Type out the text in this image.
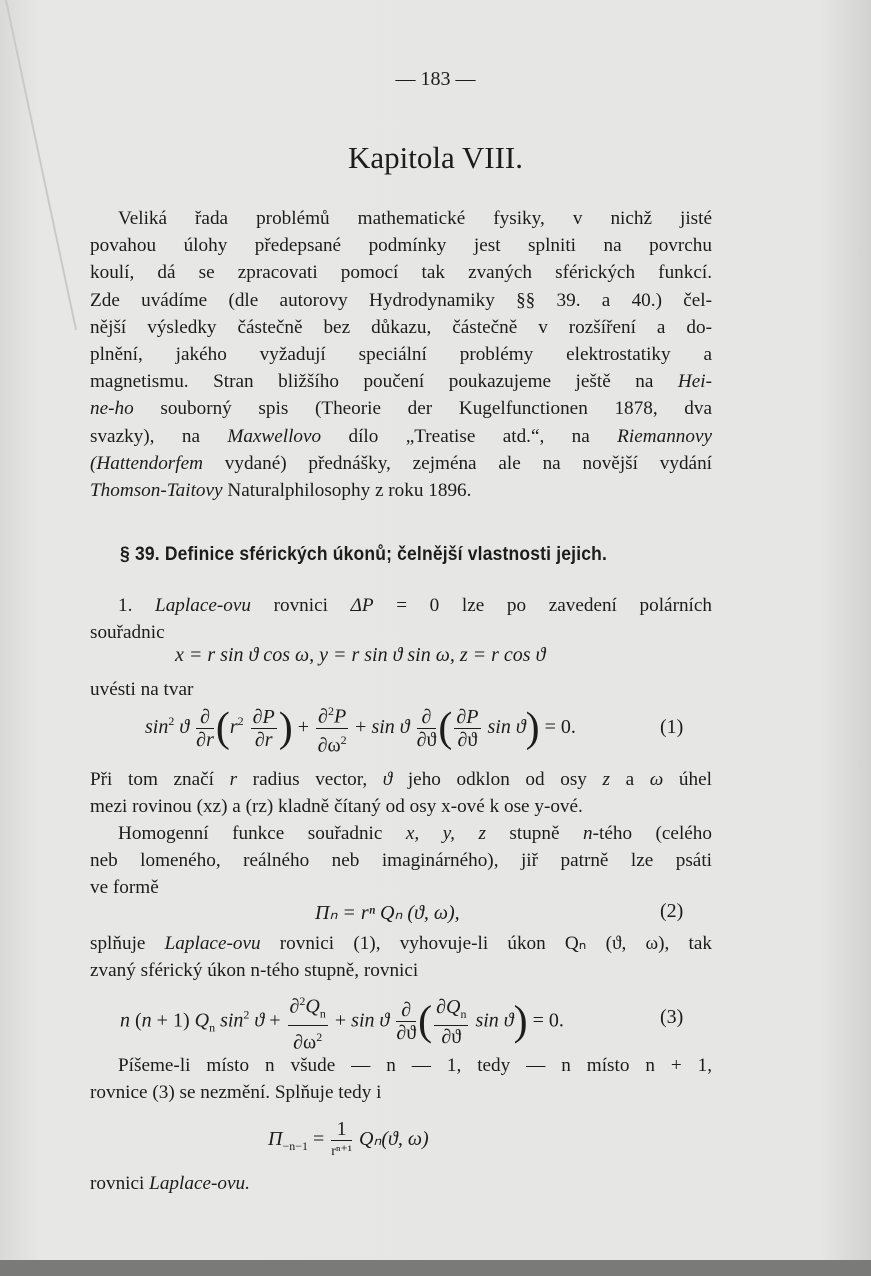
— 183 —
Kapitola VIII.
Veliká řada problémů mathematické fysiky, v nichž jisté
povahou úlohy předepsané podmínky jest splniti na povrchu
koulí, dá se zpracovati pomocí tak zvaných sférických funkcí.
Zde uvádíme (dle autorovy Hydrodynamiky §§ 39. a 40.) čel-
nější výsledky částečně bez důkazu, částečně v rozšíření a do-
plnění, jakého vyžadují speciální problémy elektrostatiky a
magnetismu. Stran bližšího poučení poukazujeme ještě na Hei-
ne-ho souborný spis (Theorie der Kugelfunctionen 1878, dva
svazky), na Maxwellovo dílo „Treatise atd.“, na Riemannovy
(Hattendorfem vydané) přednášky, zejména ale na novější vydání
Thomson-Taitovy Naturalphilosophy z roku 1896.
§ 39. Definice sférických úkonů; čelnější vlastnosti jejich.
1. Laplace-ovu rovnici ΔP = 0 lze po zavedení polárních
souřadnic
x = r sin ϑ cos ω, y = r sin ϑ sin ω, z = r cos ϑ
uvésti na tvar
$\sin^2 ϑ \frac{\partial}{\partial r} (r^2 \frac{\partial P}{\partial r}$ ) + $\frac{\partial^2P}{\partial\omega^2} + \sin ϑ \frac{\partial}{\partial ϑ}$ ( $\frac{\partial P}{\partial ϑ}$ sin ϑ) = 0.	(1)
Při tom značí r radius vector, ϑ jeho odklon od osy z a ω úhel
mezi rovinou (xz) a (rz) kladně čítaný od osy x-ové k ose y-ové.
Homogenní funkce souřadnic x, y, z stupně n-tého (celého
neb lomeného, reálného neb imaginárného), jiř patrně lze psáti
ve formě
Πₙ = rⁿ Qₙ (ϑ, ω),	(2)
splňuje Laplace-ovu rovnici (1), vyhovuje-li úkon Qₙ (ϑ, ω), tak
zvaný sférický úkon n-tého stupně, rovnici
n (n + 1) $Q_n$ $\sin^2 ϑ + \frac{\partial^2Q_n}{\partial\omega^2} + \sin ϑ \frac{\partial}{\partial ϑ}$ ( $\frac{\partial Q_n}{\partial ϑ}$ sin ϑ) = 0.	(3)
Píšeme-li místo n všude — n — 1, tedy — n místo n + 1,
rovnice (3) se nezmění. Splňuje tedy i
$\Pi_{-n-1} = \frac{1}{\text{rⁿ⁺¹}} Q_n(ϑ$, ω)
rovnici Laplace-ovu.
